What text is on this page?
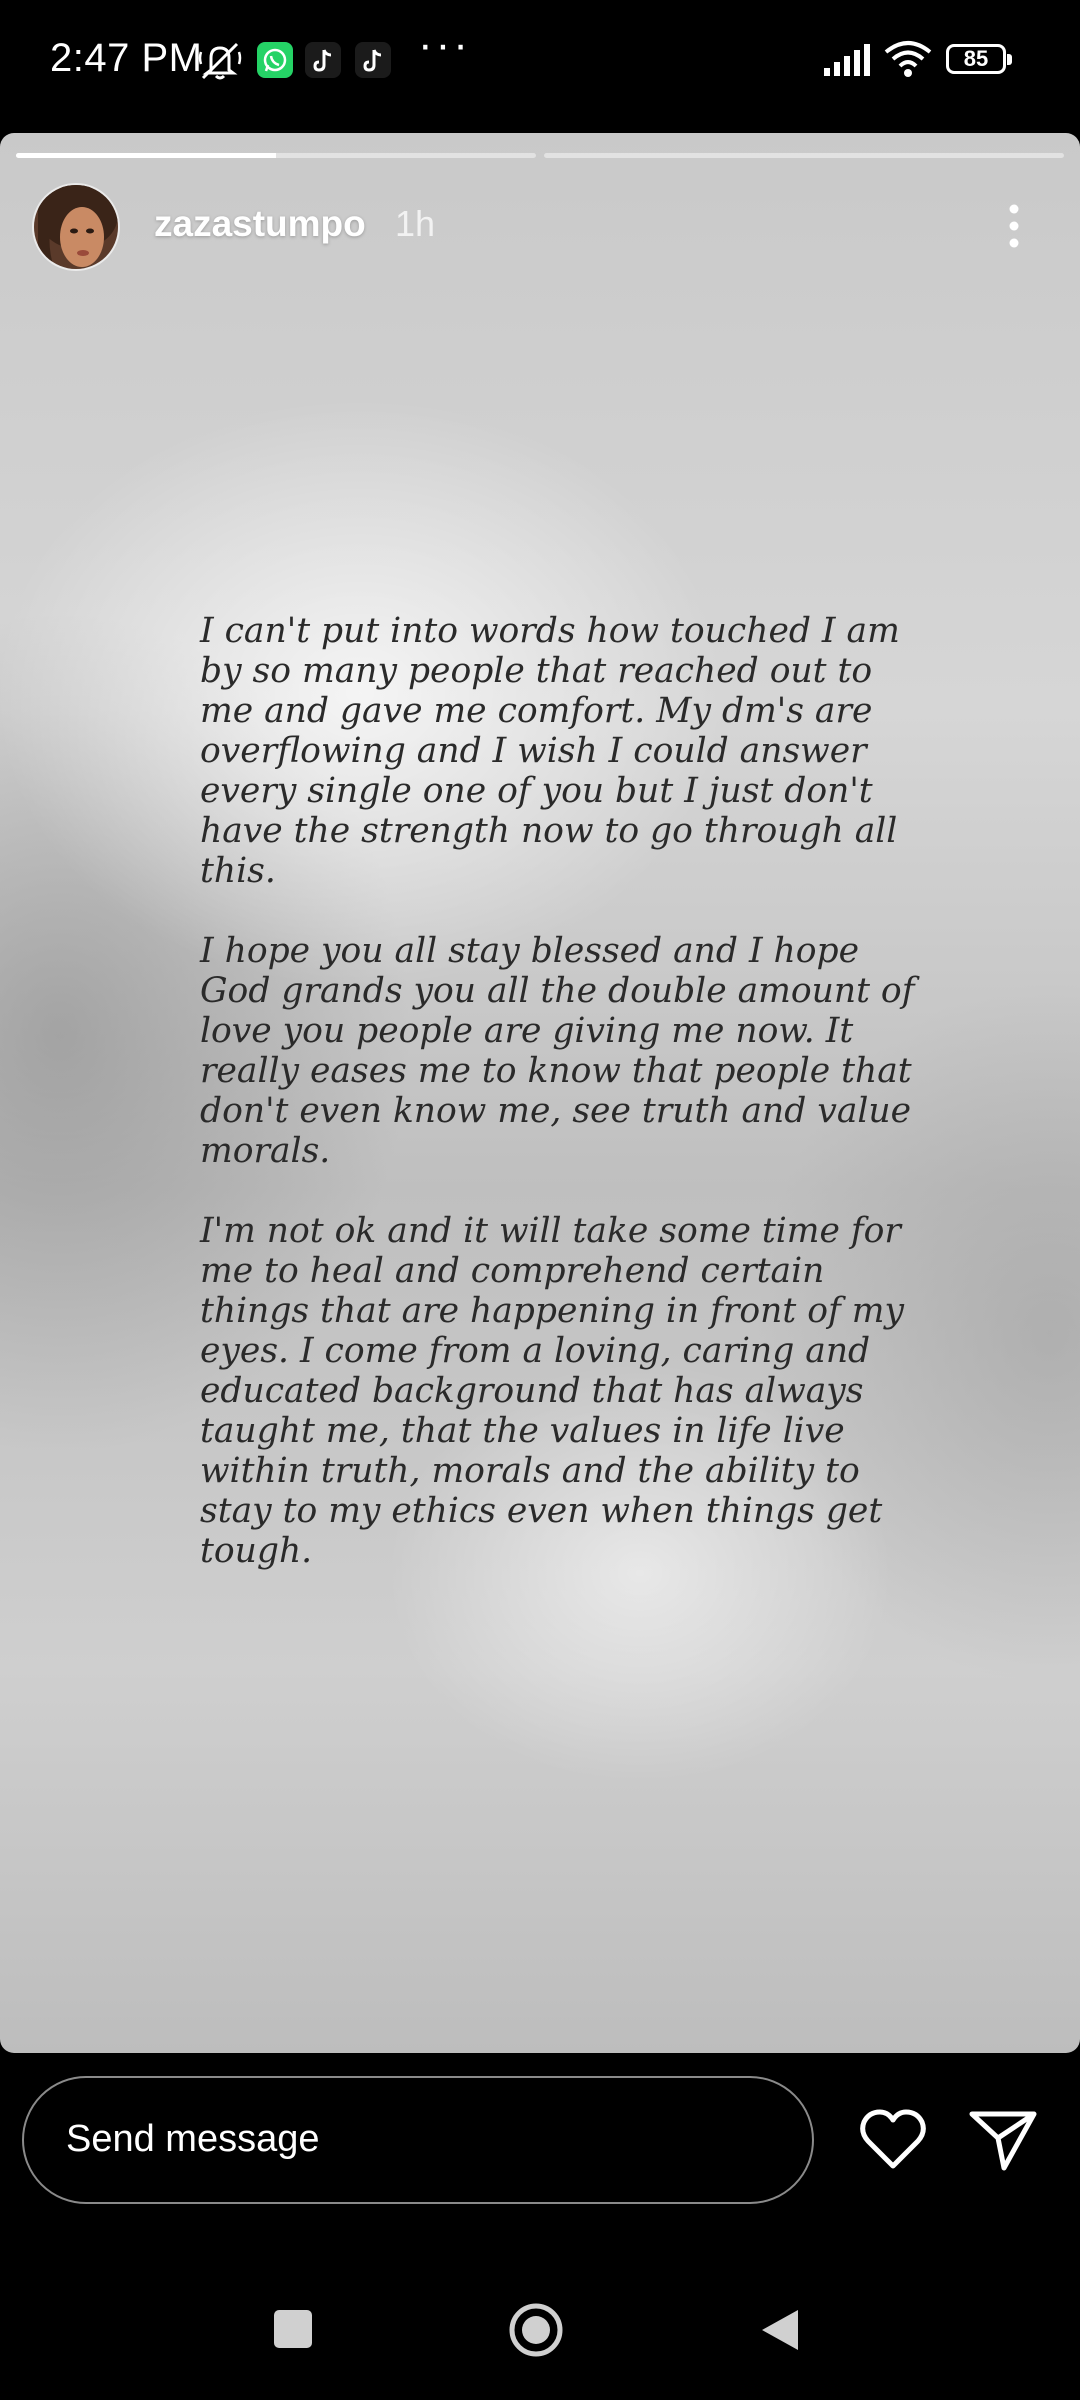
2:47 PM	···	85
zazastumpo 1h

I can't put into words how touched I am by so many people that reached out to me and gave me comfort. My dm's are overflowing and I wish I could answer every single one of you but I just don't have the strength now to go through all this.

I hope you all stay blessed and I hope God grands you all the double amount of love you people are giving me now. It really eases me to know that people that don't even know me, see truth and value morals.

I'm not ok and it will take some time for me to heal and comprehend certain things that are happening in front of my eyes. I come from a loving, caring and educated background that has always taught me, that the values in life live within truth, morals and the ability to stay to my ethics even when things get tough.

Send message
